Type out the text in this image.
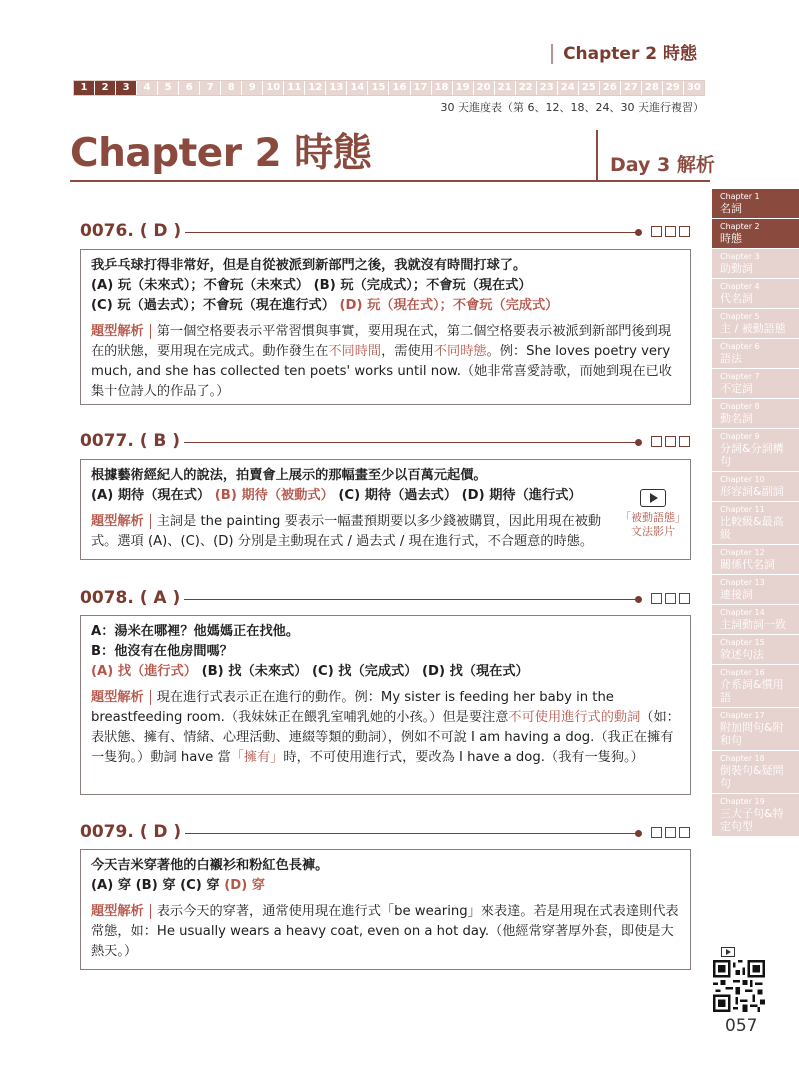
Chapter 2 時態
1	2	3	4	5	6	7	8	9	10 11 12 13 14 15 16 17 18 19 20 21 22 23 24 25 26 27 28 29 30
30 天進度表（第 6、12、18、24、30 天進行複習）
Chapter 2 時態	Day 3 解析
Chapter 1
名詞
Chapter 2
時態
Chapter 3
助動詞
Chapter 4
代名詞
Chapter 5
主 / 被動語態
Chapter 6
語法
Chapter 7
不定詞
Chapter 8
動名詞
Chapter 9
分詞&分詞構句
Chapter 10
形容詞&副詞
Chapter 11
比較級&最高級
Chapter 12
關係代名詞
Chapter 13
連接詞
Chapter 14
主詞動詞一致
Chapter 15
敘述句法
Chapter 16
介系詞&慣用語
Chapter 17
附加問句&附和句
Chapter 18
倒裝句&疑問句
Chapter 19
三大子句&特定句型
0076. ( D )
我乒乓球打得非常好，但是自從被派到新部門之後，我就沒有時間打球了。
(A) 玩（未來式）；不會玩（未來式） (B) 玩（完成式）；不會玩（現在式）
(C) 玩（過去式）；不會玩（現在進行式） (D) 玩（現在式）；不會玩（完成式）
題型解析 第一個空格要表示平常習慣與事實，要用現在式，第二個空格要表示被派到新部門後到現在的狀態，要用現在完成式。動作發生在不同時間，需使用不同時態。例：She loves poetry very much, and she has collected ten poets' works until now.（她非常喜愛詩歌，而她到現在已收集十位詩人的作品了。）
0077. ( B )
根據藝術經紀人的說法，拍賣會上展示的那幅畫至少以百萬元起價。
(A) 期待（現在式） (B) 期待（被動式） (C) 期待（過去式） (D) 期待（進行式）
題型解析 主詞是 the painting 要表示一幅畫預期要以多少錢被購買，因此用現在被動式。選項 (A)、(C)、(D) 分別是主動現在式 / 過去式 / 現在進行式，不合題意的時態。
「被動語態」
文法影片
0078. ( A )
A：湯米在哪裡？他媽媽正在找他。
B：他沒有在他房間嗎？
(A) 找（進行式） (B) 找（未來式） (C) 找（完成式） (D) 找（現在式）
題型解析 現在進行式表示正在進行的動作。例：My sister is feeding her baby in the breastfeeding room.（我妹妹正在餵乳室哺乳她的小孩。）但是要注意不可使用進行式的動詞（如：表狀態、擁有、情緒、心理活動、連綴等類的動詞），例如不可說 I am having a dog.（我正在擁有一隻狗。）動詞 have 當「擁有」時，不可使用進行式，要改為 I have a dog.（我有一隻狗。）
0079. ( D )
今天吉米穿著他的白襯衫和粉紅色長褲。
(A) 穿 (B) 穿 (C) 穿 (D) 穿
題型解析 表示今天的穿著，通常使用現在進行式「be wearing」來表達。若是用現在式表達則代表常態，如：He usually wears a heavy coat, even on a hot day.（他經常穿著厚外套，即使是大熱天。）
057
